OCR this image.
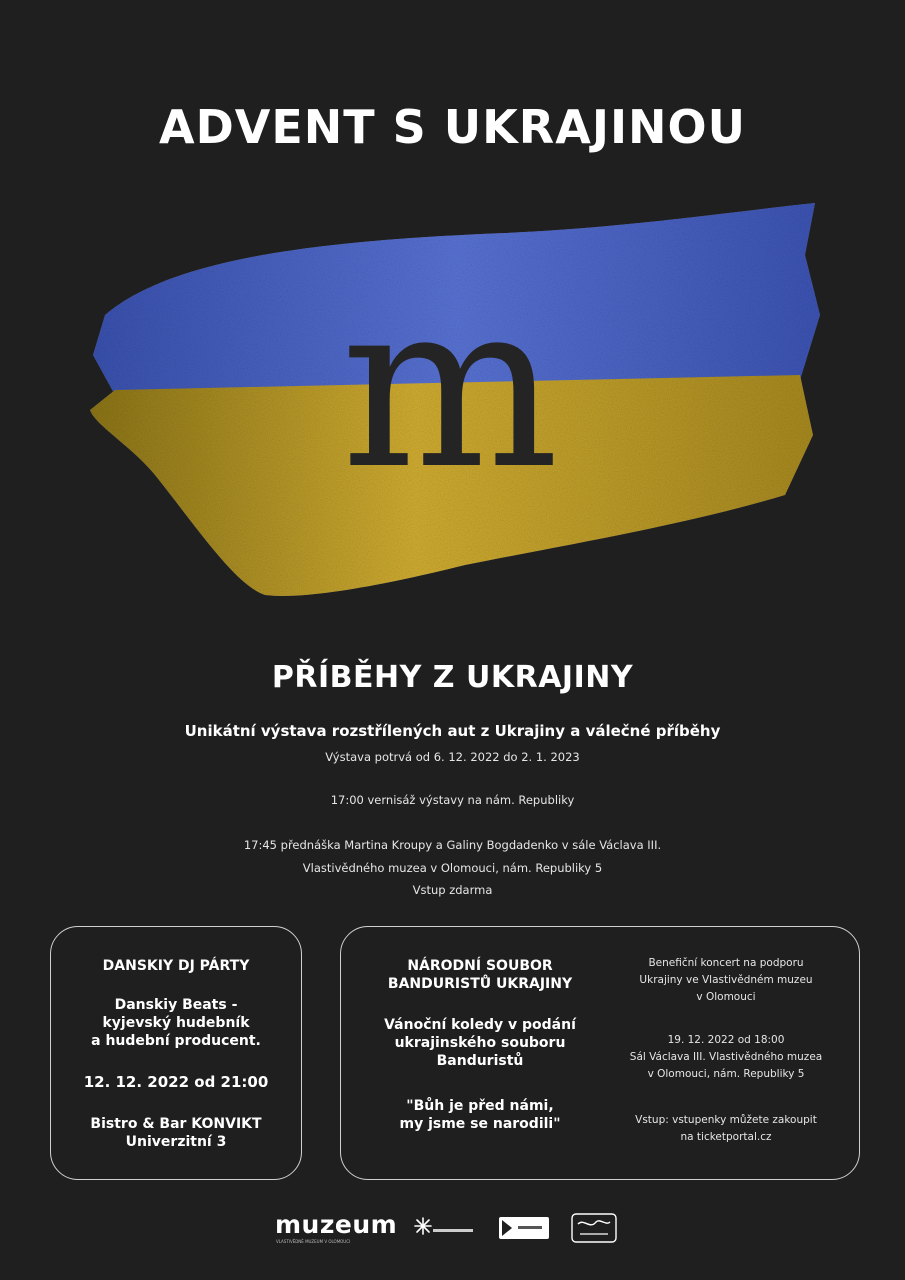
ADVENT S UKRAJINOU
m
PŘÍBĚHY Z UKRAJINY
Unikátní výstava rozstřílených aut z Ukrajiny a válečné příběhy
Výstava potrvá od 6. 12. 2022 do 2. 1. 2023
17:00 vernisáž výstavy na nám. Republiky
17:45 přednáška Martina Kroupy a Galiny Bogdadenko v sále Václava III.
Vlastivědného muzea v Olomouci, nám. Republiky 5
Vstup zdarma
DANSKIY DJ PÁRTY
Danskiy Beats -
kyjevský hudebník
a hudební producent.
12. 12. 2022 od 21:00
Bistro & Bar KONVIKT
Univerzitní 3
NÁRODNÍ SOUBOR
BANDURISTŮ UKRAJINY
Vánoční koledy v podání
ukrajinského souboru
Banduristů
"Bůh je před námi,
my jsme se narodili"
Benefiční koncert na podporu
Ukrajiny ve Vlastivědném muzeu
v Olomouci
19. 12. 2022 od 18:00
Sál Václava III. Vlastivědného muzea
v Olomouci, nám. Republiky 5
Vstup: vstupenky můžete zakoupit
na ticketportal.cz
muzeum
VLASTIVĚDNÉ MUZEUM V OLOMOUCI
